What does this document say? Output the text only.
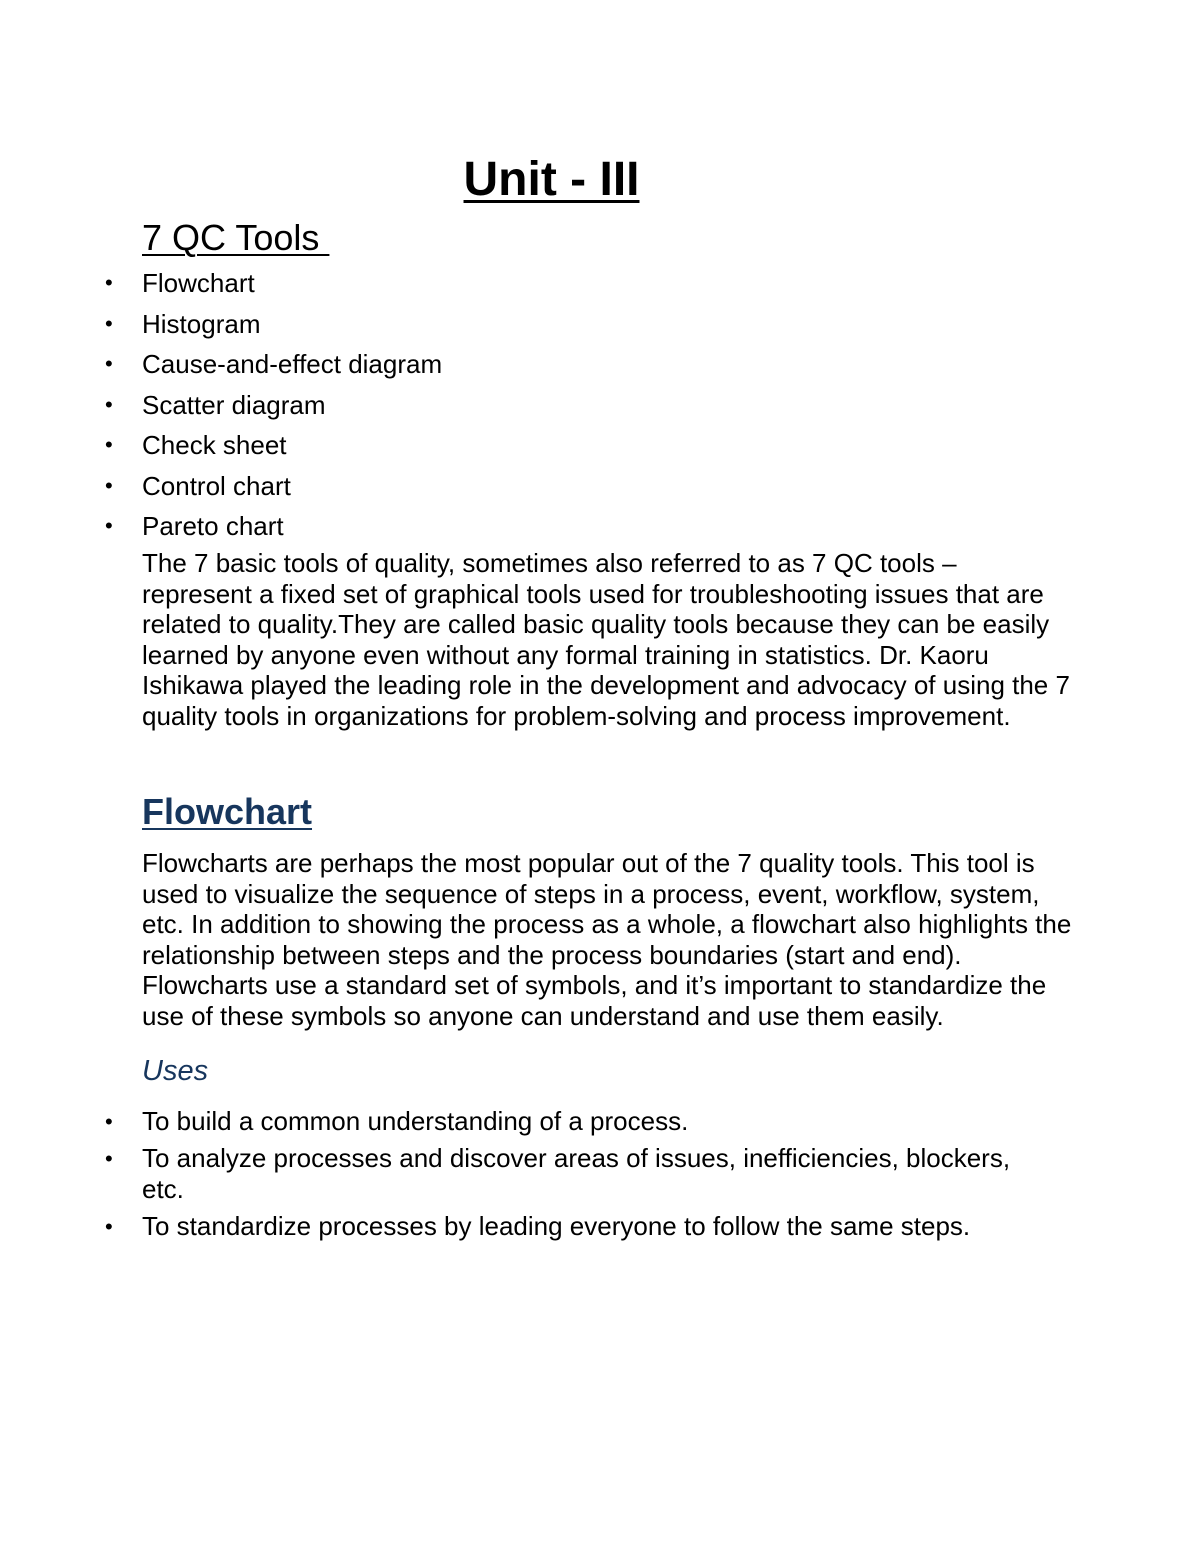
Unit - III
7 QC Tools
• Flowchart
• Histogram
• Cause-and-effect diagram
• Scatter diagram
• Check sheet
• Control chart
• Pareto chart

The 7 basic tools of quality, sometimes also referred to as 7 QC tools – represent a fixed set of graphical tools used for troubleshooting issues that are related to quality.They are called basic quality tools because they can be easily learned by anyone even without any formal training in statistics. Dr. Kaoru Ishikawa played the leading role in the development and advocacy of using the 7 quality tools in organizations for problem-solving and process improvement.

Flowchart

Flowcharts are perhaps the most popular out of the 7 quality tools. This tool is used to visualize the sequence of steps in a process, event, workflow, system, etc. In addition to showing the process as a whole, a flowchart also highlights the relationship between steps and the process boundaries (start and end). Flowcharts use a standard set of symbols, and it’s important to standardize the use of these symbols so anyone can understand and use them easily.

Uses
• To build a common understanding of a process.
• To analyze processes and discover areas of issues, inefficiencies, blockers, etc.
• To standardize processes by leading everyone to follow the same steps.
